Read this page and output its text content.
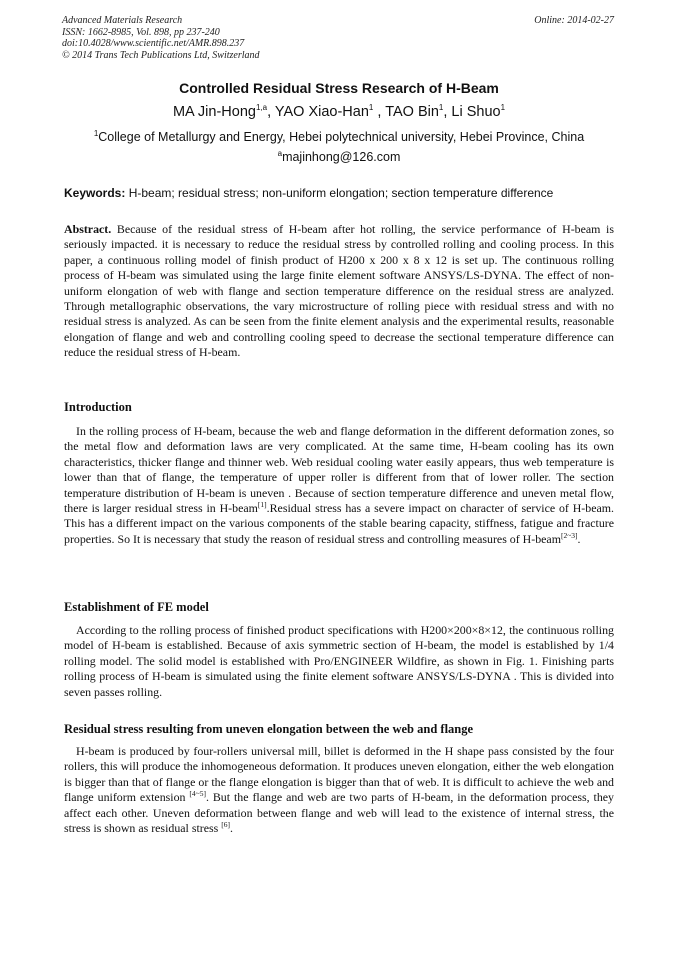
Advanced Materials Research
ISSN: 1662-8985, Vol. 898, pp 237-240
doi:10.4028/www.scientific.net/AMR.898.237
© 2014 Trans Tech Publications Ltd, Switzerland
Online: 2014-02-27
Controlled Residual Stress Research of H-Beam
MA Jin-Hong$^{1,a}$, YAO Xiao-Han$^1$ , TAO Bin$^1$, Li Shuo$^1$
$^1$College of Metallurgy and Energy, Hebei polytechnical university, Hebei Province, China
$^a$majinhong@126.com
Keywords: H-beam; residual stress; non-uniform elongation; section temperature difference
Abstract. Because of the residual stress of H-beam after hot rolling, the service performance of H-beam is seriously impacted. it is necessary to reduce the residual stress by controlled rolling and cooling process. In this paper, a continuous rolling model of finish product of H200 x 200 x 8 x 12 is set up. The continuous rolling process of H-beam was simulated using the large finite element software ANSYS/LS-DYNA. The effect of non-uniform elongation of web with flange and section temperature difference on the residual stress are analyzed. Through metallographic observations, the vary microstructure of rolling piece with residual stress and with no residual stress is analyzed. As can be seen from the finite element analysis and the experimental results, reasonable elongation of flange and web and controlling cooling speed to decrease the sectional temperature difference can reduce the residual stress of H-beam.
Introduction
In the rolling process of H-beam, because the web and flange deformation in the different deformation zones, so the metal flow and deformation laws are very complicated. At the same time, H-beam cooling has its own characteristics, thicker flange and thinner web. Web residual cooling water easily appears, thus web temperature is lower than that of flange, the temperature of upper roller is different from that of lower roller. The section temperature distribution of H-beam is uneven . Because of section temperature difference and uneven metal flow, there is larger residual stress in H-beam[1].Residual stress has a severe impact on character of service of H-beam. This has a different impact on the various components of the stable bearing capacity, stiffness, fatigue and fracture properties. So It is necessary that study the reason of residual stress and controlling measures of H-beam[2~3].
Establishment of FE model
According to the rolling process of finished product specifications with H200×200×8×12, the continuous rolling model of H-beam is established. Because of axis symmetric section of H-beam, the model is established by 1/4 rolling model. The solid model is established with Pro/ENGINEER Wildfire, as shown in Fig. 1. Finishing parts rolling process of H-beam is simulated using the finite element software ANSYS/LS-DYNA . This is divided into seven passes rolling.
Residual stress resulting from uneven elongation between the web and flange
H-beam is produced by four-rollers universal mill, billet is deformed in the H shape pass consisted by the four rollers, this will produce the inhomogeneous deformation. It produces uneven elongation, either the web elongation is bigger than that of flange or the flange elongation is bigger than that of web. It is difficult to achieve the web and flange uniform extension [4~5]. But the flange and web are two parts of H-beam, in the deformation process, they affect each other. Uneven deformation between flange and web will lead to the existence of internal stress, the stress is shown as residual stress [6].
